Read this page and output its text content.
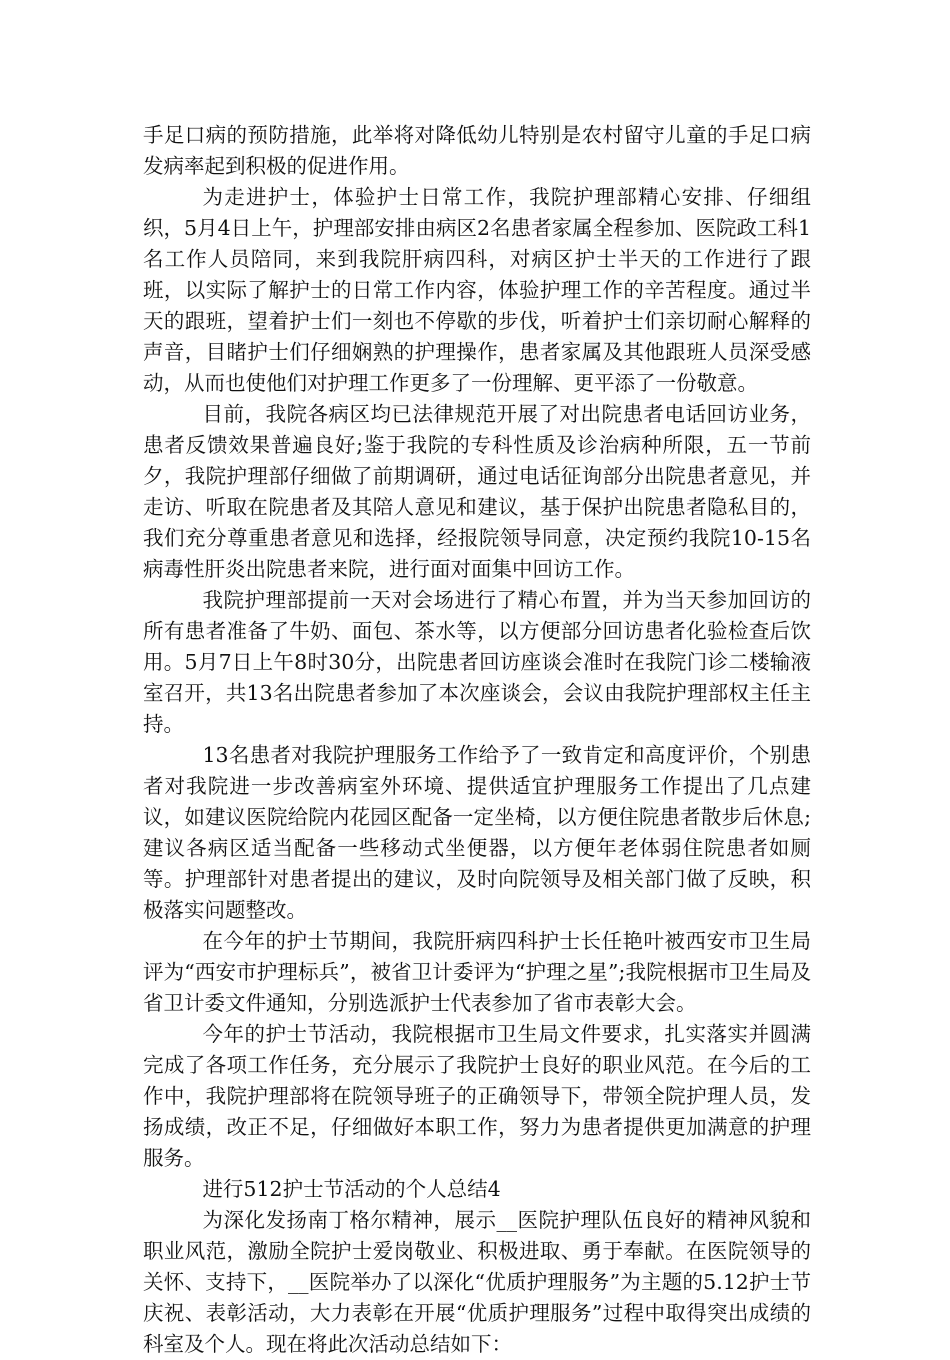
手足口病的预防措施，此举将对降低幼儿特别是农村留守儿童的手足口病发病率起到积极的促进作用。

为走进护士，体验护士日常工作，我院护理部精心安排、仔细组织，5月4日上午，护理部安排由病区2名患者家属全程参加、医院政工科1名工作人员陪同，来到我院肝病四科，对病区护士半天的工作进行了跟班，以实际了解护士的日常工作内容，体验护理工作的辛苦程度。通过半天的跟班，望着护士们一刻也不停歇的步伐，听着护士们亲切耐心解释的声音，目睹护士们仔细娴熟的护理操作，患者家属及其他跟班人员深受感动，从而也使他们对护理工作更多了一份理解、更平添了一份敬意。

目前，我院各病区均已法律规范开展了对出院患者电话回访业务，患者反馈效果普遍良好;鉴于我院的专科性质及诊治病种所限，五一节前夕，我院护理部仔细做了前期调研，通过电话征询部分出院患者意见，并走访、听取在院患者及其陪人意见和建议，基于保护出院患者隐私目的，我们充分尊重患者意见和选择，经报院领导同意，决定预约我院10-15名病毒性肝炎出院患者来院，进行面对面集中回访工作。

我院护理部提前一天对会场进行了精心布置，并为当天参加回访的所有患者准备了牛奶、面包、茶水等，以方便部分回访患者化验检查后饮用。5月7日上午8时30分，出院患者回访座谈会准时在我院门诊二楼输液室召开，共13名出院患者参加了本次座谈会，会议由我院护理部权主任主持。

13名患者对我院护理服务工作给予了一致肯定和高度评价，个别患者对我院进一步改善病室外环境、提供适宜护理服务工作提出了几点建议，如建议医院给院内花园区配备一定坐椅，以方便住院患者散步后休息;建议各病区适当配备一些移动式坐便器，以方便年老体弱住院患者如厕等。护理部针对患者提出的建议，及时向院领导及相关部门做了反映，积极落实问题整改。

在今年的护士节期间，我院肝病四科护士长任艳叶被西安市卫生局评为“西安市护理标兵”，被省卫计委评为“护理之星”;我院根据市卫生局及省卫计委文件通知，分别选派护士代表参加了省市表彰大会。

今年的护士节活动，我院根据市卫生局文件要求，扎实落实并圆满完成了各项工作任务，充分展示了我院护士良好的职业风范。在今后的工作中，我院护理部将在院领导班子的正确领导下，带领全院护理人员，发扬成绩，改正不足，仔细做好本职工作，努力为患者提供更加满意的护理服务。

进行512护士节活动的个人总结4

为深化发扬南丁格尔精神，展示__医院护理队伍良好的精神风貌和职业风范，激励全院护士爱岗敬业、积极进取、勇于奉献。在医院领导的关怀、支持下，__医院举办了以深化“优质护理服务”为主题的5.12护士节庆祝、表彰活动，大力表彰在开展“优质护理服务”过程中取得突出成绩的科室及个人。现在将此次活动总结如下：
